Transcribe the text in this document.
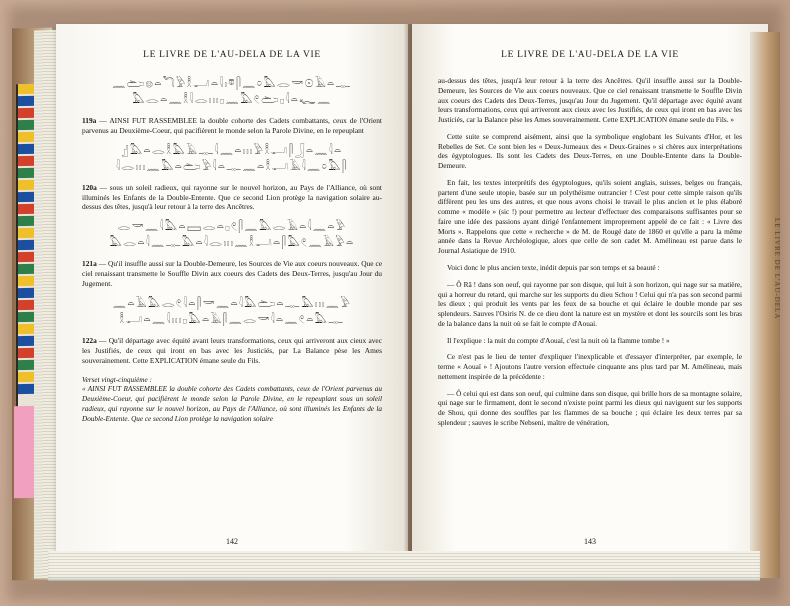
LE LIVRE DE L'AU-DELA DE LA VIE
𓈖𓂧𓊖𓏏𓆓𓅱𓎛𓂝𓏏𓇋𓏤𓎼𓋴𓈖𓏌𓅓𓂋𓎡𓇳𓄿𓏏𓊃
𓅓𓂋𓏏𓈖𓎛𓇋𓂋𓏥𓊪𓈖𓅓𓏲𓂧𓊪𓇋𓏏𓆑𓈖

119a — AINSI FUT RASSEMBLEE la double cohorte des Cadets combattants, ceux de l'Orient parvenus au Deuxième-Coeur, qui pacifièrent le monde selon la Parole Divine, en le repeuplant

𓊨𓅓𓏏𓂋𓎛𓅓𓄿𓊃𓇋𓈖𓏏𓏥𓅱𓎛𓂝𓋴𓃀𓏏𓈖𓇋𓏏
𓇋𓂋𓏥𓈖𓅓𓏏𓂧𓅱𓇋𓏏𓊃𓈖𓏏𓎛𓂝𓄿𓇋𓈖𓏌𓅓𓋴

120a — sous un soleil radieux, qui rayonne sur le nouvel horizon, au Pays de l'Alliance, où sont illuminés les Enfants de la Double-Entente. Que ce second Lion protège la navigation solaire au-dessus des têtes, jusqu'à leur retour à la terre des Ancêtres.

𓂋𓎡𓈖𓇋𓅓𓏏𓈙𓂋𓏏𓊪𓏲𓋴𓈖𓅓𓂋𓄿𓏏𓇋𓈖𓏏𓅱
𓅓𓂋𓏏𓇋𓈖𓊃𓅓𓏏𓇋𓂋𓏥𓈖𓎛𓂝𓏏𓋴𓅓𓏲𓈖𓄿𓅱𓏏

121a — Qu'il insuffle aussi sur la Double-Demeure, les Sources de Vie aux coeurs nouveaux. Que ce ciel renaissant transmette le Souffle Divin aux coeurs des Cadets des Deux-Terres, jusqu'au Jour du Jugement.

𓈖𓏏𓄿𓅓𓂋𓏲𓇋𓏏𓋴𓎡𓈖𓏏𓇋𓅓𓂧𓏏𓊃𓅓𓏥𓈖𓅱
𓎛𓂝𓏏𓈖𓇋𓏥𓊪𓅓𓏏𓄿𓋴𓈖𓂋𓎡𓇋𓏏𓈖𓏲𓏏𓅓𓊃

122a — Qu'il départage avec équité avant leurs transformations, ceux qui arriveront aux cieux avec les Justifiés, de ceux qui iront en bas avec les Justiciés, par La Balance pèse les Ames souverainement. Cette EXPLICATION émane seule du Fils.

Verset vingt-cinquième :
« AINSI FUT RASSEMBLEE la double cohorte des Cadets combattants, ceux de l'Orient parvenus au Deuxième-Coeur, qui pacifièrent le monde selon la Parole Divine, en le repeuplant sous un soleil radieux, qui rayonne sur le nouvel horizon, au Pays de l'Alliance, où sont illuminés les Enfants de la Double-Entente. Que ce second Lion protège la navigation solaire
142
LE LIVRE DE L'AU-DELA DE LA VIE

au-dessus des têtes, jusqu'à leur retour à la terre des Ancêtres. Qu'il insuffle aussi sur la Double-Demeure, les Sources de Vie aux coeurs nouveaux. Que ce ciel renaissant transmette le Souffle Divin aux coeurs des Cadets des Deux-Terres, jusqu'au Jour du Jugement. Qu'il départage avec équité avant leurs transformations, ceux qui arriveront aux cieux avec les Justifiés, de ceux qui iront en bas avec les Justiciés, car la Balance pèse les Ames souverainement. Cette EXPLICATION émane seule du Fils. »

Cette suite se comprend aisément, ainsi que la symbolique englobant les Suivants d'Hor, et les Rebelles de Set. Ce sont bien les « Deux-Jumeaux des « Deux-Graines » si chères aux interprétations des égyptologues. Ils sont les Cadets des Deux-Terres, en une Double-Entente dans la Double-Demeure.

En fait, les textes interprétifs des égyptologues, qu'ils soient anglais, suisses, belges ou français, partent d'une seule utopie, basée sur un polythéisme outrancier ! C'est pour cette simple raison qu'ils diffèrent peu les uns des autres, et que nous avons choisi le travail le plus ancien et le plus élaboré comme « modèle » (sic !) pour permettre au lecteur d'effectuer des comparaisons suffisantes pour se faire une idée des passions ayant dirigé l'enfantement improprement appelé de ce fait : « Livre des Morts ». Rappelons que cette « recherche » de M. de Rougé date de 1860 et qu'elle a paru la même année dans la Revue Archéologique, alors que celle de son cadet M. Amélineau est parue dans le Journal Asiatique de 1910.

Voici donc le plus ancien texte, inédit depuis par son temps et sa beauté :

— Ô Râ ! dans son oeuf, qui rayonne par son disque, qui luit à son horizon, qui nage sur sa matière, qui a horreur du retard, qui marche sur les supports du dieu Schou ! Celui qui n'a pas son second parmi les dieux ; qui produit les vents par les feux de sa bouche et qui éclaire le double monde par ses splendeurs. Sauves l'Osiris N. de ce dieu dont la nature est un mystère et dont les sourcils sont les bras de la balance dans la nuit où se fait le compte d'Aouai.

Il l'explique : la nuit du compte d'Aouaï, c'est la nuit où la flamme tombe ! »

Ce n'est pas le lieu de tenter d'expliquer l'inexplicable et d'essayer d'interpréter, par exemple, le terme « Aouaï » ! Ajoutons l'autre version effectuée cinquante ans plus tard par M. Amélineau, mais nettement inspirée de la précédente :

— Ô celui qui est dans son oeuf, qui culmine dans son disque, qui brille hors de sa montagne solaire, qui nage sur le firmament, dont le second n'existe point parmi les dieux qui naviguent sur les supports de Shou, qui donne des souffles par les flammes de sa bouche ; qui éclaire les deux terres par sa splendeur ; sauves le scribe Nebseni, maître de vénération,

143
LE LIVRE DE L'AU-DELA
